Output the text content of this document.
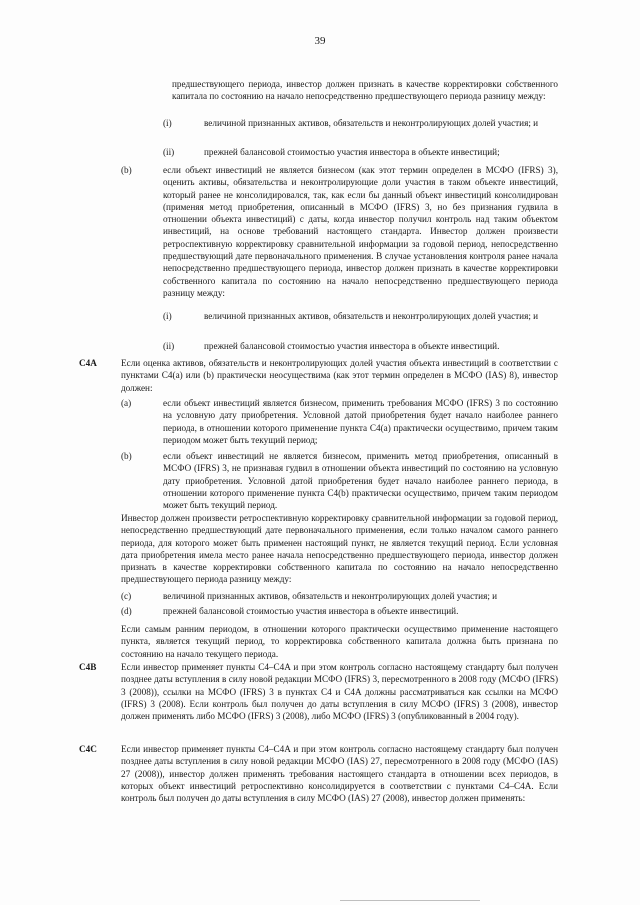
39
предшествующего периода, инвестор должен признать в качестве корректировки собственного капитала по состоянию на начало непосредственно предшествующего периода разницу между:
(i)	величиной признанных активов, обязательств и неконтролирующих долей участия; и
(ii)	прежней балансовой стоимостью участия инвестора в объекте инвестиций;
(b)	если объект инвестиций не является бизнесом (как этот термин определен в МСФО (IFRS) 3), оценить активы, обязательства и неконтролирующие доли участия в таком объекте инвестиций, который ранее не консолидировался, так, как если бы данный объект инвестиций консолидирован (применяя метод приобретения, описанный в МСФО (IFRS) 3, но без признания гудвила в отношении объекта инвестиций) с даты, когда инвестор получил контроль над таким объектом инвестиций, на основе требований настоящего стандарта. Инвестор должен произвести ретроспективную корректировку сравнительной информации за годовой период, непосредственно предшествующий дате первоначального применения. В случае установления контроля ранее начала непосредственно предшествующего периода, инвестор должен признать в качестве корректировки собственного капитала по состоянию на начало непосредственно предшествующего периода разницу между:
(i)	величиной признанных активов, обязательств и неконтролирующих долей участия; и
(ii)	прежней балансовой стоимостью участия инвестора в объекте инвестиций.
C4A	Если оценка активов, обязательств и неконтролирующих долей участия объекта инвестиций в соответствии с пунктами C4(a) или (b) практически неосуществима (как этот термин определен в МСФО (IAS) 8), инвестор должен:
(a)	если объект инвестиций является бизнесом, применить требования МСФО (IFRS) 3 по состоянию на условную дату приобретения. Условной датой приобретения будет начало наиболее раннего периода, в отношении которого применение пункта C4(a) практически осуществимо, причем таким периодом может быть текущий период;
(b)	если объект инвестиций не является бизнесом, применить метод приобретения, описанный в МСФО (IFRS) 3, не признавая гудвил в отношении объекта инвестиций по состоянию на условную дату приобретения. Условной датой приобретения будет начало наиболее раннего периода, в отношении которого применение пункта C4(b) практически осуществимо, причем таким периодом может быть текущий период.
Инвестор должен произвести ретроспективную корректировку сравнительной информации за годовой период, непосредственно предшествующий дате первоначального применения, если только началом самого раннего периода, для которого может быть применен настоящий пункт, не является текущий период. Если условная дата приобретения имела место ранее начала непосредственно предшествующего периода, инвестор должен признать в качестве корректировки собственного капитала по состоянию на начало непосредственно предшествующего периода разницу между:
(c)	величиной признанных активов, обязательств и неконтролирующих долей участия; и
(d)	прежней балансовой стоимостью участия инвестора в объекте инвестиций.
Если самым ранним периодом, в отношении которого практически осуществимо применение настоящего пункта, является текущий период, то корректировка собственного капитала должна быть признана по состоянию на начало текущего периода.
C4B	Если инвестор применяет пункты C4–C4A и при этом контроль согласно настоящему стандарту был получен позднее даты вступления в силу новой редакции МСФО (IFRS) 3, пересмотренного в 2008 году (МСФО (IFRS) 3 (2008)), ссылки на МСФО (IFRS) 3 в пунктах C4 и C4A должны рассматриваться как ссылки на МСФО (IFRS) 3 (2008). Если контроль был получен до даты вступления в силу МСФО (IFRS) 3 (2008), инвестор должен применять либо МСФО (IFRS) 3 (2008), либо МСФО (IFRS) 3 (опубликованный в 2004 году).
C4C	Если инвестор применяет пункты C4–C4A и при этом контроль согласно настоящему стандарту был получен позднее даты вступления в силу новой редакции МСФО (IAS) 27, пересмотренного в 2008 году (МСФО (IAS) 27 (2008)), инвестор должен применять требования настоящего стандарта в отношении всех периодов, в которых объект инвестиций ретроспективно консолидируется в соответствии с пунктами C4–C4A. Если контроль был получен до даты вступления в силу МСФО (IAS) 27 (2008), инвестор должен применять:
